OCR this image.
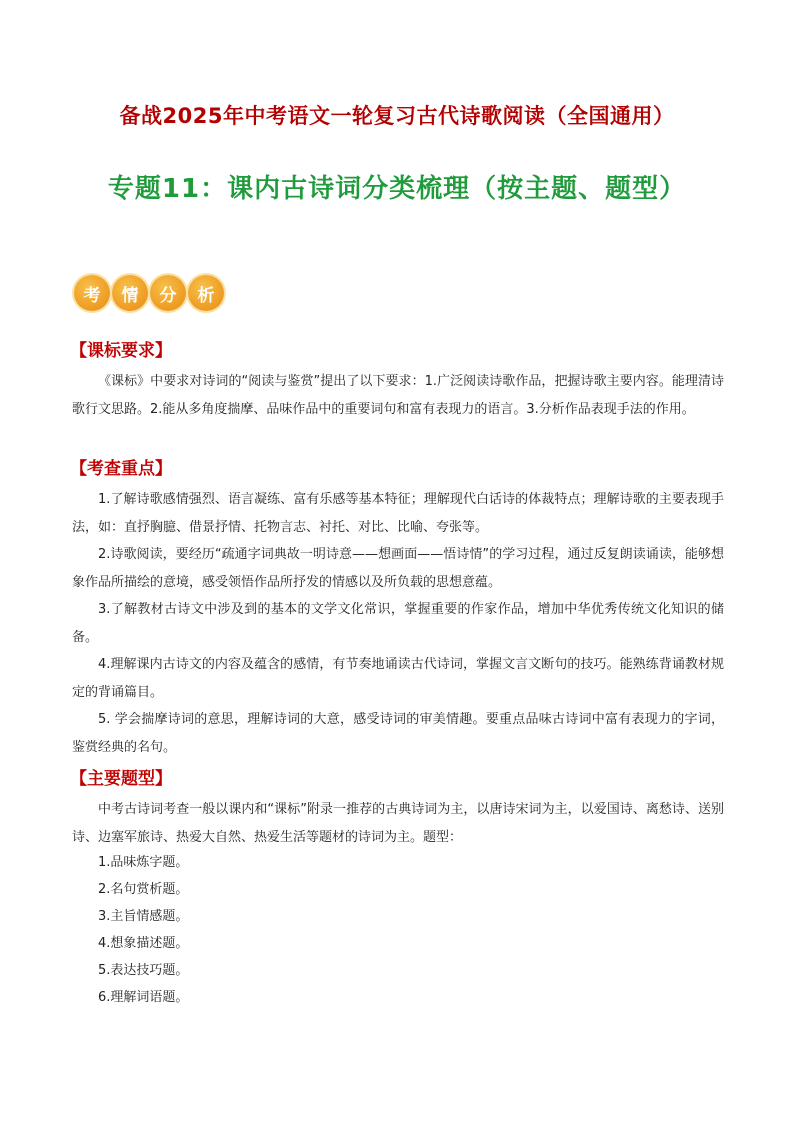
备战2025年中考语文一轮复习古代诗歌阅读（全国通用）
专题11：课内古诗词分类梳理（按主题、题型）
考	情	分	析
【课标要求】

《课标》中要求对诗词的“阅读与鉴赏”提出了以下要求：1.广泛阅读诗歌作品，把握诗歌主要内容。能理清诗歌行文思路。2.能从多角度揣摩、品味作品中的重要词句和富有表现力的语言。3.分析作品表现手法的作用。

【考查重点】

1.了解诗歌感情强烈、语言凝练、富有乐感等基本特征；理解现代白话诗的体裁特点；理解诗歌的主要表现手法，如：直抒胸臆、借景抒情、托物言志、衬托、对比、比喻、夸张等。

2.诗歌阅读，要经历“疏通字词典故一明诗意——想画面——悟诗情”的学习过程，通过反复朗读诵读，能够想象作品所描绘的意境，感受领悟作品所抒发的情感以及所负载的思想意蕴。

3.了解教材古诗文中涉及到的基本的文学文化常识，掌握重要的作家作品，增加中华优秀传统文化知识的储备。

4.理解课内古诗文的内容及蕴含的感情，有节奏地诵读古代诗词，掌握文言文断句的技巧。能熟练背诵教材规定的背诵篇目。

5. 学会揣摩诗词的意思，理解诗词的大意，感受诗词的审美情趣。要重点品味古诗词中富有表现力的字词，鉴赏经典的名句。

【主要题型】

中考古诗词考查一般以课内和“课标”附录一推荐的古典诗词为主，以唐诗宋词为主，以爱国诗、离愁诗、送别诗、边塞军旅诗、热爱大自然、热爱生活等题材的诗词为主。题型：

1.品味炼字题。
2.名句赏析题。
3.主旨情感题。
4.想象描述题。
5.表达技巧题。
6.理解词语题。
